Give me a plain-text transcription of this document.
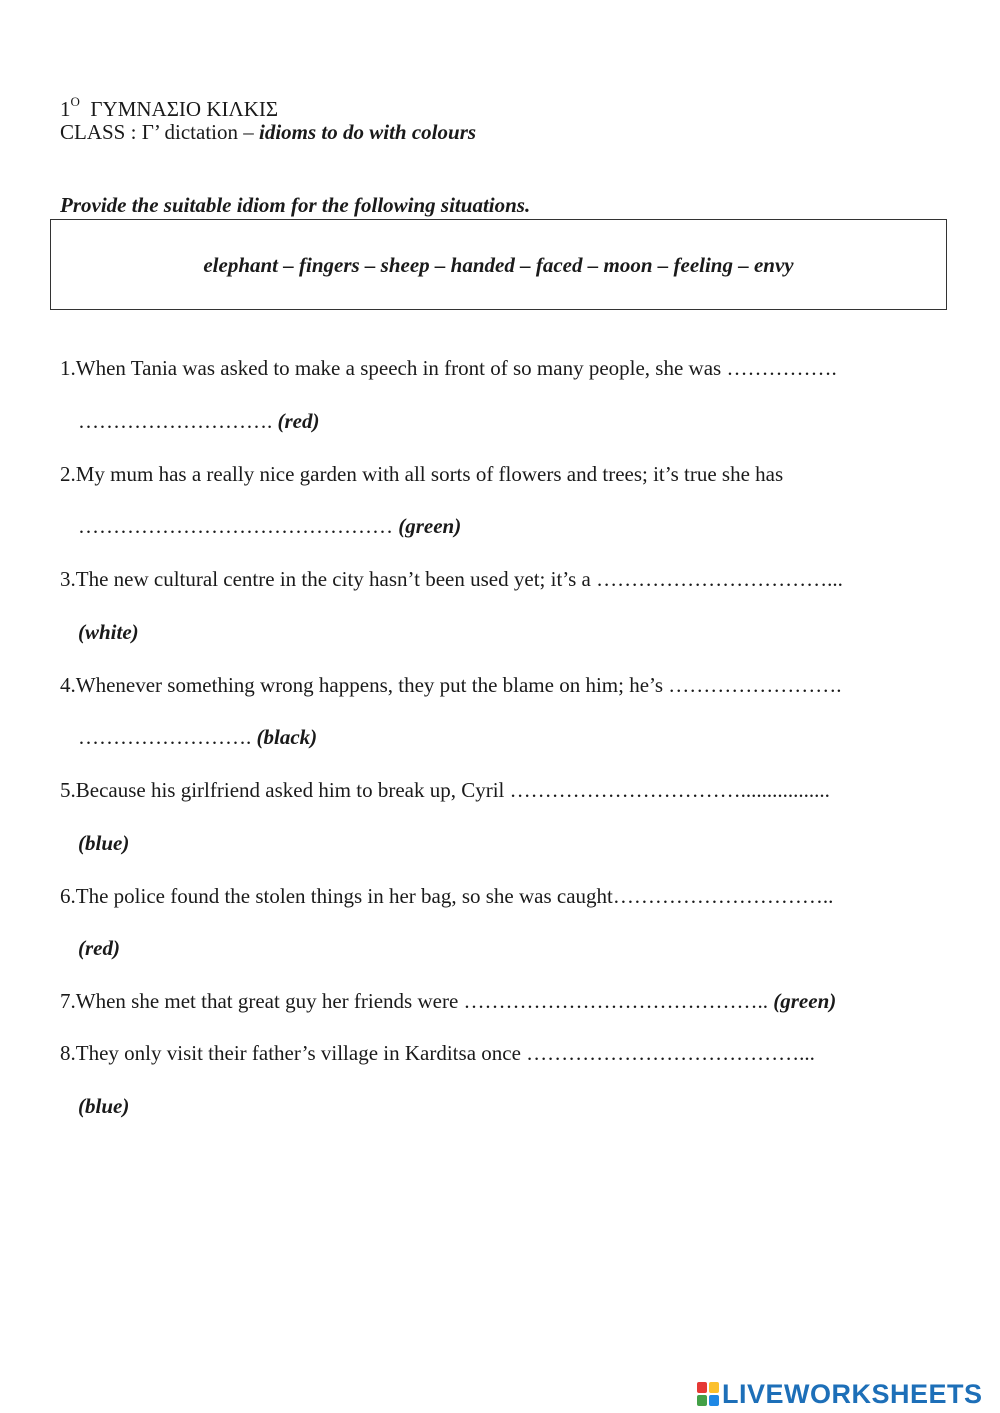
$1^O$ ΓΥΜΝΑΣΙΟ ΚΙΛΚΙΣ
CLASS : Γ’ dictation – idioms to do with colours
Provide the suitable idiom for the following situations.
elephant – fingers – sheep – handed – faced – moon – feeling – envy
1.When Tania was asked to make a speech in front of so many people, she was …………….
………………………. (red)
2.My mum has a really nice garden with all sorts of flowers and trees; it’s true she has
……………………………………… (green)
3.The new cultural centre in the city hasn’t been used yet; it’s a ……………………………...
(white)
4.Whenever something wrong happens, they put the blame on him; he’s …………………….
……………………. (black)
5.Because his girlfriend asked him to break up, Cyril …………………………….................
(blue)
6.The police found the stolen things in her bag, so she was caught…………………………..
(red)
7.When she met that great guy her friends were …………………………………….. (green)
8.They only visit their father’s village in Karditsa once …………………………………...
(blue)
LIVEWORKSHEETS
